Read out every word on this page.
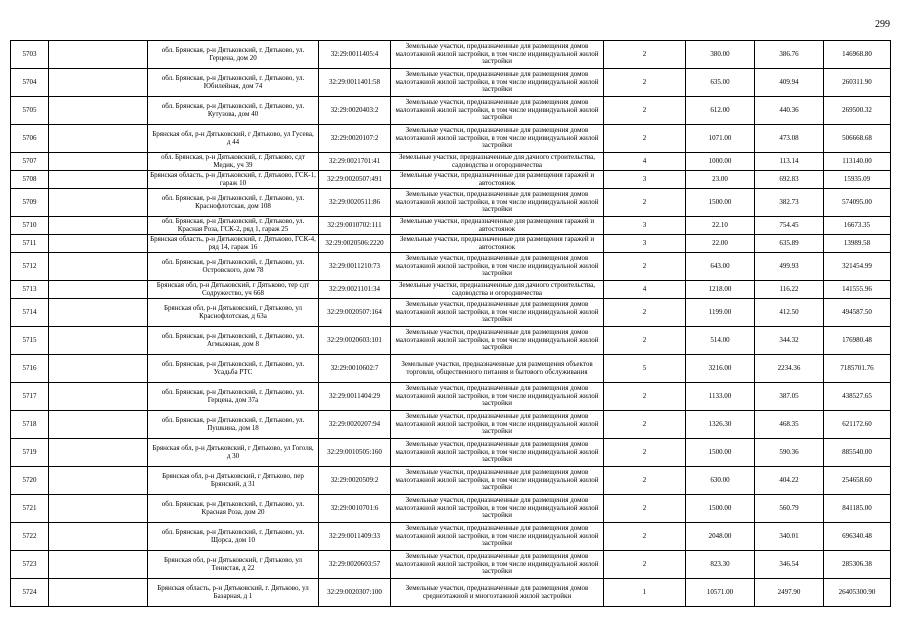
299
5703		обл. Брянская, р-н Дятьковский, г. Дятьково, ул. Герцена, дом 20	32:29:0011405:4	Земельные участки, предназначенные для размещения домов малоэтажной жилой застройки, в том числе индивидуальной жилой застройки	2	380.00	386.76	146968.80
5704		обл. Брянская, р-н Дятьковский, г. Дятьково, ул. Юбилейная, дом 74	32:29:0011401:58	Земельные участки, предназначенные для размещения домов малоэтажной жилой застройки, в том числе индивидуальной жилой застройки	2	635.00	409.94	260311.90
5705		обл. Брянская, р-н Дятьковский, г. Дятьково, ул. Кутузова, дом 40	32:29:0020403:2	Земельные участки, предназначенные для размещения домов малоэтажной жилой застройки, в том числе индивидуальной жилой застройки	2	612.00	440.36	269500.32
5706		Брянская обл, р-н Дятьковский, г Дятьково, ул Гусева, д 44	32:29:0020107:2	Земельные участки, предназначенные для размещения домов малоэтажной жилой застройки, в том числе индивидуальной жилой застройки	2	1071.00	473.08	506668.68
5707		обл. Брянская, р-н Дятьковский, г. Дятьково, сдт Медик, уч 39	32:29:0021701:41	Земельные участки, предназначенные для дачного строительства, садоводства и огородничества	4	1000.00	113.14	113140.00
5708		Брянская область, р-н Дятьковский, г. Дятьково, ГСК-1, гараж 10	32:29:0020507:491	Земельные участки, предназначенные для размещения гаражей и автостоянок	3	23.00	692.83	15935.09
5709		обл. Брянская, р-н Дятьковский, г. Дятьково, ул. Краснофлотская, дом 108	32:29:0020511:86	Земельные участки, предназначенные для размещения домов малоэтажной жилой застройки, в том числе индивидуальной жилой застройки	2	1500.00	382.73	574095.00
5710		обл. Брянская, р-н Дятьковский, г. Дятьково, ул. Красная Роза, ГСК-2, ряд 1, гараж 25	32:29:0010702:111	Земельные участки, предназначенные для размещения гаражей и автостоянок	3	22.10	754.45	16673.35
5711		Брянская область, р-н Дятьковский, г. Дятьково, ГСК-4, ряд 14, гараж 16	32:29:0020506:2220	Земельные участки, предназначенные для размещения гаражей и автостоянок	3	22.00	635.89	13989.58
5712		обл. Брянская, р-н Дятьковский, г. Дятьково, ул. Островского, дом 78	32:29:0011210:73	Земельные участки, предназначенные для размещения домов малоэтажной жилой застройки, в том числе индивидуальной жилой застройки	2	643.00	499.93	321454.99
5713		Брянская обл, р-н Дятьковский, г Дятьково, тер сдт Содружество, уч 668	32:29:0021101:34	Земельные участки, предназначенные для дачного строительства, садоводства и огородничества	4	1218.00	116.22	141555.96
5714		Брянская обл, р-н Дятьковский, г Дятьково, ул Краснофлотская, д 63а	32:29:0020507:164	Земельные участки, предназначенные для размещения домов малоэтажной жилой застройки, в том числе индивидуальной жилой застройки	2	1199.00	412.50	494587.50
5715		обл. Брянская, р-н Дятьковский, г. Дятьково, ул. Агмыжная, дом 8	32:29:0020603:101	Земельные участки, предназначенные для размещения домов малоэтажной жилой застройки, в том числе индивидуальной жилой застройки	2	514.00	344.32	176980.48
5716		обл. Брянская, р-н Дятьковский, г. Дятьково, ул. Усадьба РТС	32:29:0010602:7	Земельные участки, предназначенные для размещения объектов торговли, общественного питания и бытового обслуживания	5	3216.00	2234.36	7185701.76
5717		обл. Брянская, р-н Дятьковский, г. Дятьково, ул. Герцена, дом 37а	32:29:0011404:29	Земельные участки, предназначенные для размещения домов малоэтажной жилой застройки, в том числе индивидуальной жилой застройки	2	1133.00	387.05	438527.65
5718		обл. Брянская, р-н Дятьковский, г. Дятьково, ул. Пушкина, дом 18	32:29:0020207:94	Земельные участки, предназначенные для размещения домов малоэтажной жилой застройки, в том числе индивидуальной жилой застройки	2	1326.30	468.35	621172.60
5719		Брянская обл, р-н Дятьковский, г Дятьково, ул Гоголя, д 30	32:29:0010505:160	Земельные участки, предназначенные для размещения домов малоэтажной жилой застройки, в том числе индивидуальной жилой застройки	2	1500.00	590.36	885540.00
5720		Брянская обл, р-н Дятьковский, г Дятьково, пер Брянский, д 31	32:29:0020509:2	Земельные участки, предназначенные для размещения домов малоэтажной жилой застройки, в том числе индивидуальной жилой застройки	2	630.00	404.22	254658.60
5721		обл. Брянская, р-н Дятьковский, г. Дятьково, ул. Красная Роза, дом 20	32:29:0010701:6	Земельные участки, предназначенные для размещения домов малоэтажной жилой застройки, в том числе индивидуальной жилой застройки	2	1500.00	560.79	841185.00
5722		обл. Брянская, р-н Дятьковский, г. Дятьково, ул. Щорса, дом 10	32:29:0011409:33	Земельные участки, предназначенные для размещения домов малоэтажной жилой застройки, в том числе индивидуальной жилой застройки	2	2048.00	340.01	696340.48
5723		Брянская обл, р-н Дятьковский, г Дятьково, ул Тенистая, д 22	32:29:0020603:57	Земельные участки, предназначенные для размещения домов малоэтажной жилой застройки, в том числе индивидуальной жилой застройки	2	823.30	346.54	285306.38
5724		Брянская область, р-н Дятьковский, г. Дятьково, ул Базарная, д 1	32:29:0020307:100	Земельные участки, предназначенные для размещения домов среднеэтажной и многоэтажной жилой застройки	1	10571.00	2497.90	26405300.90
